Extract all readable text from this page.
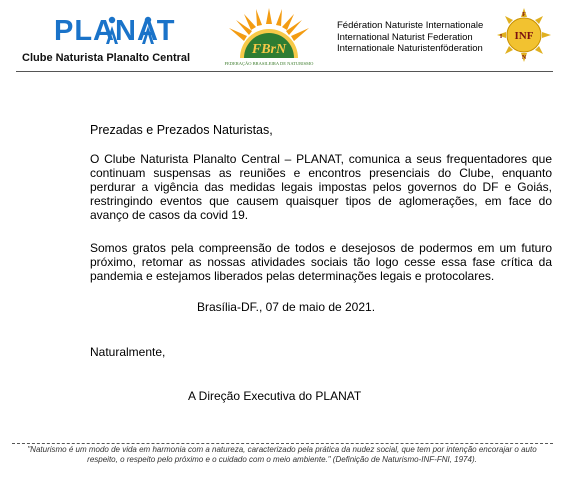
PLANAT
Clube Naturista Planalto Central
FBrN
FEDERAÇÃO BRASILEIRA DE NATURISMO
Fédération Naturiste Internationale
International Naturist Federation
Internationale Naturistenföderation
INF
F
N
I
Prezadas e Prezados Naturistas,
O Clube Naturista Planalto Central – PLANAT, comunica a seus frequentadores que continuam suspensas as reuniões e encontros presenciais do Clube, enquanto perdurar a vigência das medidas legais impostas pelos governos do DF e Goiás, restringindo eventos que causem quaisquer tipos de aglomerações, em face do avanço de casos da covid 19.
Somos gratos pela compreensão de todos e desejosos de podermos em um futuro próximo, retomar as nossas atividades sociais tão logo cesse essa fase crítica da pandemia e estejamos liberados pelas determinações legais e protocolares.
Brasília-DF., 07 de maio de 2021.
Naturalmente,
A Direção Executiva do PLANAT
"Naturismo é um modo de vida em harmonia com a natureza, caracterizado pela prática da nudez social, que tem por intenção encorajar o auto respeito, o respeito pelo próximo e o cuidado com o meio ambiente." (Definição de Naturismo-INF-FNI, 1974).
